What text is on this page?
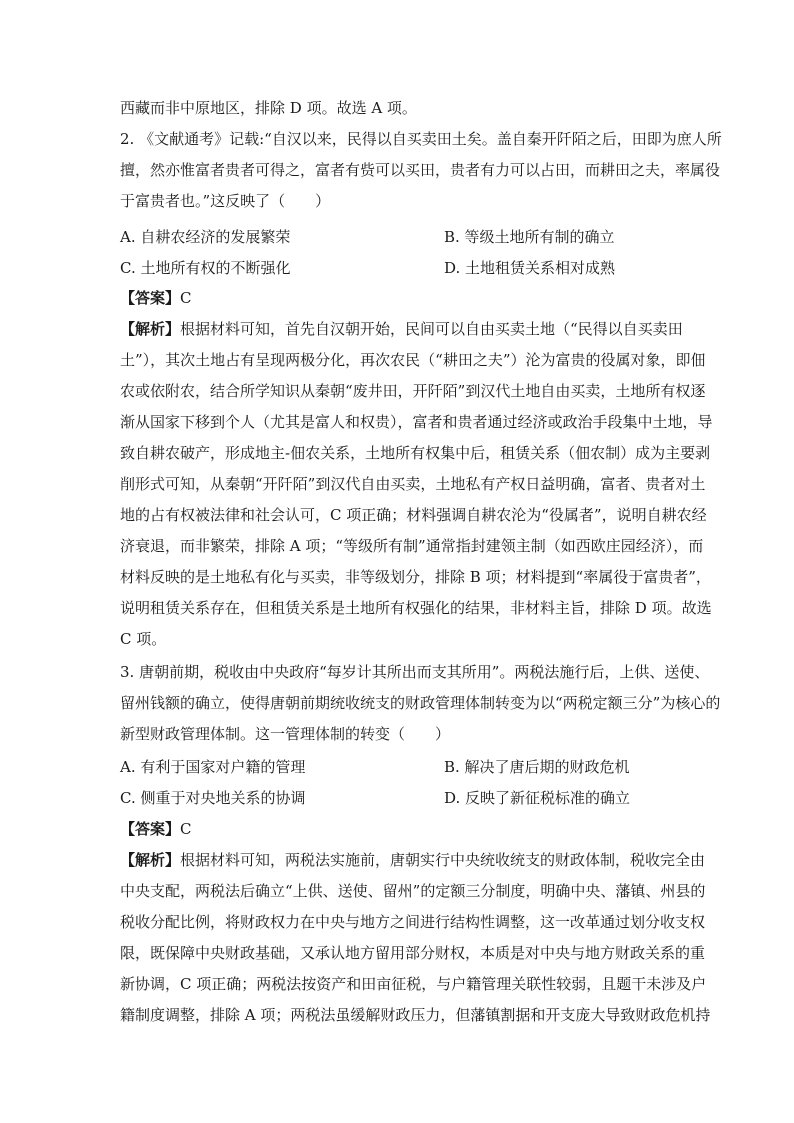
西藏而非中原地区，排除 D 项。故选 A 项。
2. 《文献通考》记载:“自汉以来，民得以自买卖田土矣。盖自秦开阡陌之后，田即为庶人所
擅，然亦惟富者贵者可得之，富者有赀可以买田，贵者有力可以占田，而耕田之夫，率属役
于富贵者也。”这反映了（　　）
A. 自耕农经济的发展繁荣	B. 等级土地所有制的确立
C. 土地所有权的不断强化	D. 土地租赁关系相对成熟
【答案】C
【解析】根据材料可知，首先自汉朝开始，民间可以自由买卖土地（“民得以自买卖田
土”），其次土地占有呈现两极分化，再次农民（“耕田之夫”）沦为富贵的役属对象，即佃
农或依附农，结合所学知识从秦朝“废井田，开阡陌”到汉代土地自由买卖，土地所有权逐
渐从国家下移到个人（尤其是富人和权贵），富者和贵者通过经济或政治手段集中土地，导
致自耕农破产，形成地主-佃农关系，土地所有权集中后，租赁关系（佃农制）成为主要剥
削形式可知，从秦朝“开阡陌”到汉代自由买卖，土地私有产权日益明确，富者、贵者对土
地的占有权被法律和社会认可，C 项正确；材料强调自耕农沦为“役属者”，说明自耕农经
济衰退，而非繁荣，排除 A 项；“等级所有制”通常指封建领主制（如西欧庄园经济），而
材料反映的是土地私有化与买卖，非等级划分，排除 B 项；材料提到“率属役于富贵者”，
说明租赁关系存在，但租赁关系是土地所有权强化的结果，非材料主旨，排除 D 项。故选
C 项。
3. 唐朝前期，税收由中央政府“每岁计其所出而支其所用”。两税法施行后，上供、送使、
留州钱额的确立，使得唐朝前期统收统支的财政管理体制转变为以“两税定额三分”为核心的
新型财政管理体制。这一管理体制的转变（　　）
A. 有利于国家对户籍的管理	B. 解决了唐后期的财政危机
C. 侧重于对央地关系的协调	D. 反映了新征税标准的确立
【答案】C
【解析】根据材料可知，两税法实施前，唐朝实行中央统收统支的财政体制，税收完全由
中央支配，两税法后确立“上供、送使、留州”的定额三分制度，明确中央、藩镇、州县的
税收分配比例，将财政权力在中央与地方之间进行结构性调整，这一改革通过划分收支权
限，既保障中央财政基础，又承认地方留用部分财权，本质是对中央与地方财政关系的重
新协调，C 项正确；两税法按资产和田亩征税，与户籍管理关联性较弱，且题干未涉及户
籍制度调整，排除 A 项；两税法虽缓解财政压力，但藩镇割据和开支庞大导致财政危机持
